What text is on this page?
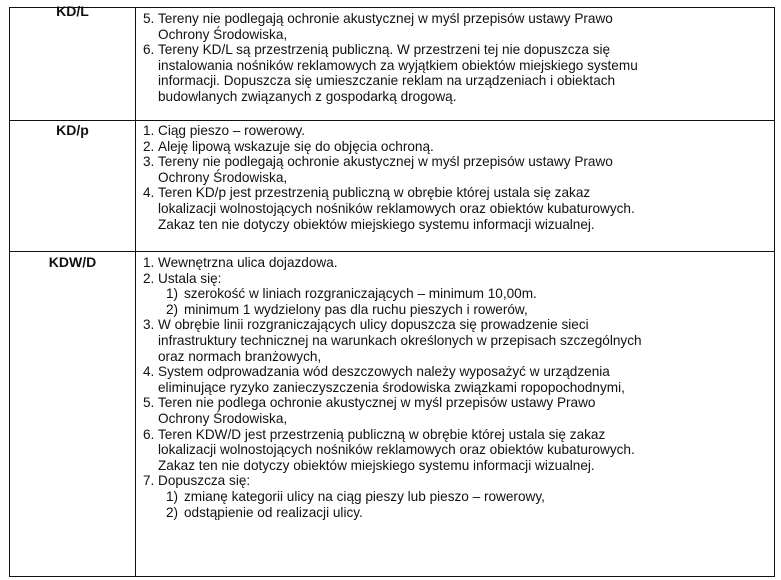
KD/L	5. Tereny nie podlegają ochronie akustycznej w myśl przepisów ustawy Prawo
Ochrony Środowiska,
6. Tereny KD/L są przestrzenią publiczną. W przestrzeni tej nie dopuszcza się
instalowania nośników reklamowych za wyjątkiem obiektów miejskiego systemu
informacji. Dopuszcza się umieszczanie reklam na urządzeniach i obiektach
budowlanych związanych z gospodarką drogową.
KD/p	1. Ciąg pieszo – rowerowy.
2. Aleję lipową wskazuje się do objęcia ochroną.
3. Tereny nie podlegają ochronie akustycznej w myśl przepisów ustawy Prawo
Ochrony Środowiska,
4. Teren KD/p jest przestrzenią publiczną w obrębie której ustala się zakaz
lokalizacji wolnostojących nośników reklamowych oraz obiektów kubaturowych.
Zakaz ten nie dotyczy obiektów miejskiego systemu informacji wizualnej.
KDW/D	1. Wewnętrzna ulica dojazdowa.
2. Ustala się:
1) szerokość w liniach rozgraniczających – minimum 10,00m.
2) minimum 1 wydzielony pas dla ruchu pieszych i rowerów,
3. W obrębie linii rozgraniczających ulicy dopuszcza się prowadzenie sieci
infrastruktury technicznej na warunkach określonych w przepisach szczególnych
oraz normach branżowych,
4. System odprowadzania wód deszczowych należy wyposażyć w urządzenia
eliminujące ryzyko zanieczyszczenia środowiska związkami ropopochodnymi,
5. Teren nie podlega ochronie akustycznej w myśl przepisów ustawy Prawo
Ochrony Środowiska,
6. Teren KDW/D jest przestrzenią publiczną w obrębie której ustala się zakaz
lokalizacji wolnostojących nośników reklamowych oraz obiektów kubaturowych.
Zakaz ten nie dotyczy obiektów miejskiego systemu informacji wizualnej.
7. Dopuszcza się:
1) zmianę kategorii ulicy na ciąg pieszy lub pieszo – rowerowy,
2) odstąpienie od realizacji ulicy.
